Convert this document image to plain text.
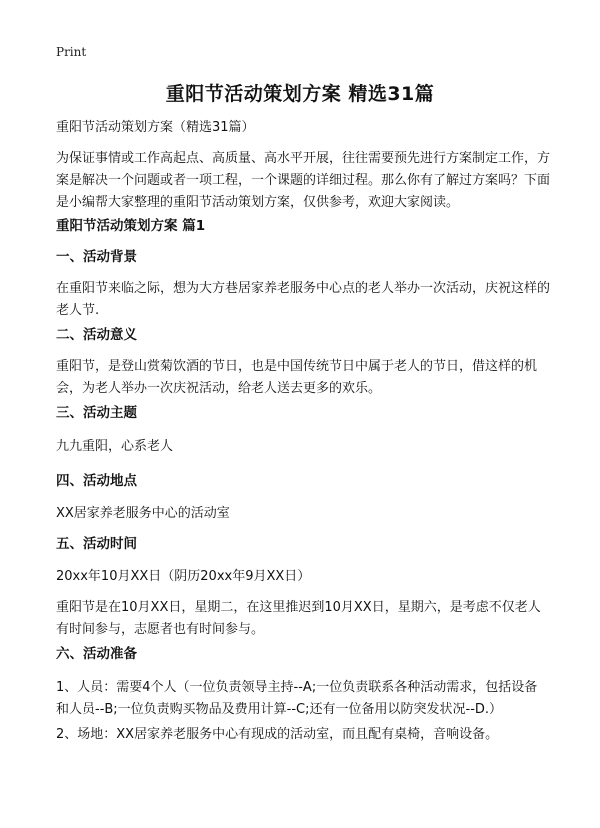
Print
重阳节活动策划方案 精选31篇

重阳节活动策划方案（精选31篇）

为保证事情或工作高起点、高质量、高水平开展，往往需要预先进行方案制定工作，方案是解决一个问题或者一项工程，一个课题的详细过程。那么你有了解过方案吗？下面是小编帮大家整理的重阳节活动策划方案，仅供参考，欢迎大家阅读。

重阳节活动策划方案 篇1

一、活动背景

在重阳节来临之际，想为大方巷居家养老服务中心点的老人举办一次活动，庆祝这样的老人节.

二、活动意义

重阳节，是登山赏菊饮酒的节日，也是中国传统节日中属于老人的节日，借这样的机会，为老人举办一次庆祝活动，给老人送去更多的欢乐。

三、活动主题

九九重阳，心系老人

四、活动地点

XX居家养老服务中心的活动室

五、活动时间

20xx年10月XX日（阴历20xx年9月XX日）

重阳节是在10月XX日，星期二，在这里推迟到10月XX日，星期六，是考虑不仅老人有时间参与，志愿者也有时间参与。

六、活动准备

1、人员：需要4个人（一位负责领导主持--A;一位负责联系各种活动需求，包括设备和人员--B;一位负责购买物品及费用计算--C;还有一位备用以防突发状况--D.）

2、场地：XX居家养老服务中心有现成的活动室，而且配有桌椅，音响设备。
